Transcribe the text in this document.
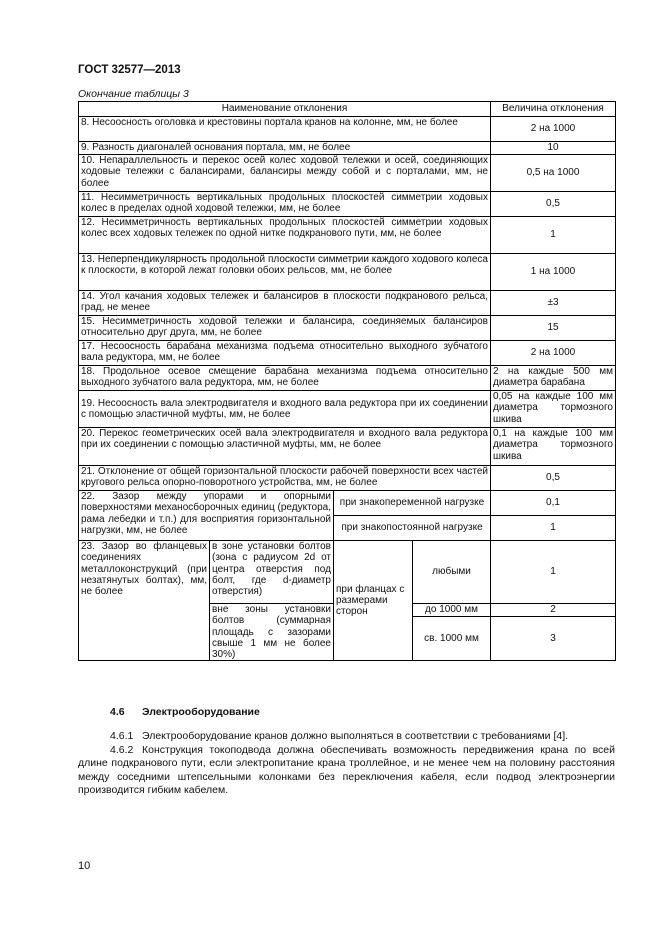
ГОСТ 32577—2013
Окончание таблицы 3
Наименование отклонения				Величина отклонения
8. Несоосность оголовка и крестовины портала кранов на колонне, мм, не более				2 на 1000
9. Разность диагоналей основания портала, мм, не более				10
10. Непараллельность и перекос осей колес ходовой тележки и осей, соединяющих ходовые тележки с балансирами, балансиры между собой и с порталами, мм, не более				0,5 на 1000
11. Несимметричность вертикальных продольных плоскостей симметрии ходовых колес в пределах одной ходовой тележки, мм, не более				0,5
12. Несимметричность вертикальных продольных плоскостей симметрии ходовых колес всех ходовых тележек по одной нитке подкранового пути, мм, не более				1
13. Неперпендикулярность продольной плоскости симметрии каждого ходового колеса к плоскости, в которой лежат головки обоих рельсов, мм, не более				1 на 1000
14. Угол качания ходовых тележек и балансиров в плоскости подкранового рельса, град, не менее				±3
15. Несимметричность ходовой тележки и балансира, соединяемых балансиров относительно друг друга, мм, не более				15
17. Несоосность барабана механизма подъема относительно выходного зубчатого вала редуктора, мм, не более				2 на 1000
18. Продольное осевое смещение барабана механизма подъема относительно выходного зубчатого вала редуктора, мм, не более				2 на каждые 500 мм диаметра барабана
19. Несоосность вала электродвигателя и входного вала редуктора при их соединении с помощью эластичной муфты, мм, не более				0,05 на каждые 100 мм диаметра тормозного шкива
20. Перекос геометрических осей вала электродвигателя и входного вала редуктора при их соединении с помощью эластичной муфты, мм, не более				0,1 на каждые 100 мм диаметра тормозного шкива
21. Отклонение от общей горизонтальной плоскости рабочей поверхности всех частей кругового рельса опорно-поворотного устройства, мм, не более				0,5
22. Зазор между упорами и опорными поверхностями механосборочных единиц (редуктора, рама лебедки и т.п.) для восприятия горизонтальной нагрузки, мм, не более		при знакопеременной нагрузке		0,1
		при знакопостоянной нагрузке		1
23. Зазор во фланцевых соединениях металлоконструкций (при незатянутых болтах), мм, не более	в зоне установки болтов (зона с радиусом 2d от центра отверстия под болт, где d-диаметр отверстия)	при фланцах с размерами сторон	любыми	1
	вне зоны установки болтов (суммарная площадь с зазорами свыше 1 мм не более 30%)		до 1000 мм	2
			св. 1000 мм	3
4.6 Электрооборудование
4.6.1 Электрооборудование кранов должно выполняться в соответствии с требованиями [4].
4.6.2 Конструкция токоподвода должна обеспечивать возможность передвижения крана по всей длине подкранового пути, если электропитание крана троллейное, и не менее чем на половину расстояния между соседними штепсельными колонками без переключения кабеля, если подвод электроэнергии производится гибким кабелем.
10
